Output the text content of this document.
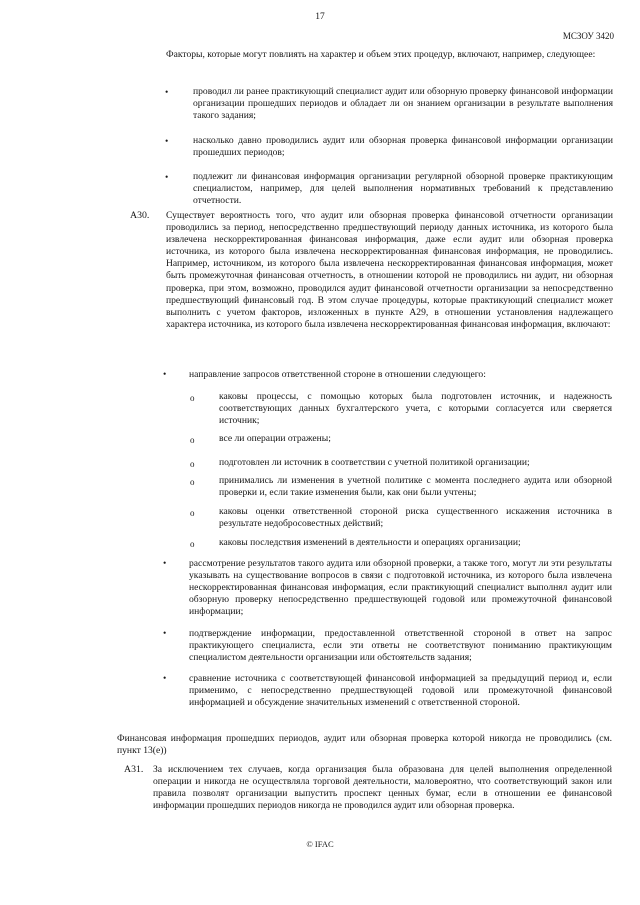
17
МСЗОУ 3420
Факторы, которые могут повлиять на характер и объем этих процедур, включают, например, следующее:
•	проводил ли ранее практикующий специалист аудит или обзорную проверку финансовой информации организации прошедших периодов и обладает ли он знанием организации в результате выполнения такого задания;
•	насколько давно проводились аудит или обзорная проверка финансовой информации организации прошедших периодов;
•	подлежит ли финансовая информация организации регулярной обзорной проверке практикующим специалистом, например, для целей выполнения нормативных требований к представлению отчетности.
A30. Существует вероятность того, что аудит или обзорная проверка финансовой отчетности организации проводились за период, непосредственно предшествующий периоду данных источника, из которого была извлечена нескорректированная финансовая информация, даже если аудит или обзорная проверка источника, из которого была извлечена нескорректированная финансовая информация, не проводились. Например, источником, из которого была извлечена нескорректированная финансовая информация, может быть промежуточная финансовая отчетность, в отношении которой не проводились ни аудит, ни обзорная проверка, при этом, возможно, проводился аудит финансовой отчетности организации за непосредственно предшествующий финансовый год. В этом случае процедуры, которые практикующий специалист может выполнить с учетом факторов, изложенных в пункте A29, в отношении установления надлежащего характера источника, из которого была извлечена нескорректированная финансовая информация, включают:
• направление запросов ответственной стороне в отношении следующего:
o	каковы процессы, с помощью которых была подготовлен источник, и надежность соответствующих данных бухгалтерского учета, с которыми согласуется или сверяется источник;
o	все ли операции отражены;
o	подготовлен ли источник в соответствии с учетной политикой организации;
o	принимались ли изменения в учетной политике с момента последнего аудита или обзорной проверки и, если такие изменения были, как они были учтены;
o	каковы оценки ответственной стороной риска существенного искажения источника в результате недобросовестных действий;
o	каковы последствия изменений в деятельности и операциях организации;
• рассмотрение результатов такого аудита или обзорной проверки, а также того, могут ли эти результаты указывать на существование вопросов в связи с подготовкой источника, из которого была извлечена нескорректированная финансовая информация, если практикующий специалист выполнял аудит или обзорную проверку непосредственно предшествующей годовой или промежуточной финансовой информации;
• подтверждение информации, предоставленной ответственной стороной в ответ на запрос практикующего специалиста, если эти ответы не соответствуют пониманию практикующим специалистом деятельности организации или обстоятельств задания;
• сравнение источника с соответствующей финансовой информацией за предыдущий период и, если применимо, с непосредственно предшествующей годовой или промежуточной финансовой информацией и обсуждение значительных изменений с ответственной стороной.
Финансовая информация прошедших периодов, аудит или обзорная проверка которой никогда не проводились (см. пункт 13(е))
A31. За исключением тех случаев, когда организация была образована для целей выполнения определенной операции и никогда не осуществляла торговой деятельности, маловероятно, что соответствующий закон или правила позволят организации выпустить проспект ценных бумаг, если в отношении ее финансовой информации прошедших периодов никогда не проводился аудит или обзорная проверка.
© IFAC
